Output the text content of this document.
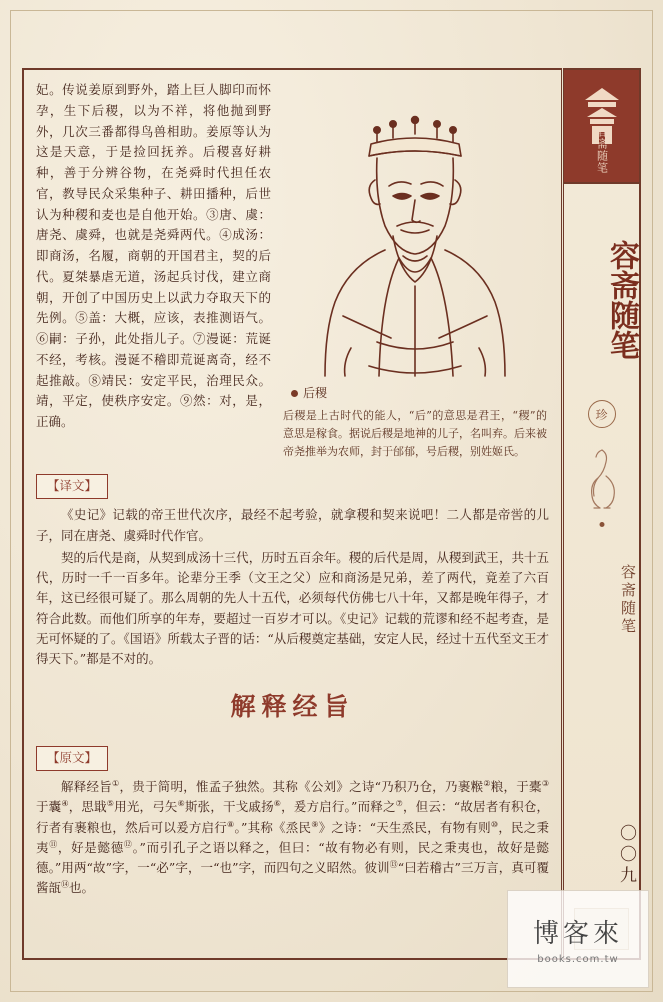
后稷
后稷是上古时代的能人，“后”的意思是君王，“稷”的意思是稼食。据说后稷是地神的儿子，名叫弃。后来被帝尧推举为农师，封于邰郁，号后稷，别姓姬氏。
妃。传说姜原到野外，踏上巨人脚印而怀孕，生下后稷，以为不祥，将他抛到野外，几次三番都得鸟兽相助。姜原等认为这是天意，于是捡回抚养。后稷喜好耕种，善于分辨谷物，在尧舜时代担任农官，教导民众采集种子、耕田播种，后世认为种稷和麦也是自他开始。③唐、虞：唐尧、虞舜，也就是尧舜两代。④成汤：即商汤，名履，商朝的开国君主，契的后代。夏桀暴虐无道，汤起兵讨伐，建立商朝，开创了中国历史上以武力夺取天下的先例。⑤盖：大概，应该，表推测语气。⑥嗣：子孙，此处指儿子。⑦漫诞：荒诞不经，考核。漫诞不稽即荒诞离奇，经不起推敲。⑧靖民：安定平民，治理民众。靖，平定，使秩序安定。⑨然：对，是，正确。
【译文】
《史记》记载的帝王世代次序，最经不起考验，就拿稷和契来说吧！二人都是帝喾的儿子，同在唐尧、虞舜时代作官。
契的后代是商，从契到成汤十三代，历时五百余年。稷的后代是周，从稷到武王，共十五代，历时一千一百多年。论辈分王季（文王之父）应和商汤是兄弟，差了两代，竟差了六百年，这已经很可疑了。那么周朝的先人十五代，必须每代仿佛七八十年，又都是晚年得子，才符合此数。而他们所享的年寿，要超过一百岁才可以。《史记》记载的荒谬和经不起考查，是无可怀疑的了。《国语》所载太子晋的话：“从后稷奠定基础，安定人民，经过十五代至文王才得天下。”都是不对的。
解释经旨
【原文】
解释经旨①，贵于简明，惟孟子独然。其称《公刘》之诗“乃积乃仓，乃裹糇②粮，于橐③于囊④，思戢⑤用光，弓矢⑥斯张，干戈戚扬⑥，爰方启行。”而释之⑦，但云：“故居者有积仓，行者有裹粮也，然后可以爰方启行⑧。”其称《烝民⑨》之诗：“天生烝民，有物有则⑩，民之秉夷⑪，好是懿德⑫。”而引孔子之语以释之，但曰：“故有物必有则，民之秉夷也，故好是懿德。”用两“故”字，一“必”字，一“也”字，而四句之义昭然。彼训⑬“曰若稽古”三万言，真可覆酱瓿⑭也。
容斋随笔
容斋随笔
珍
容斋随笔
〇〇九
博客來
books.com.tw
